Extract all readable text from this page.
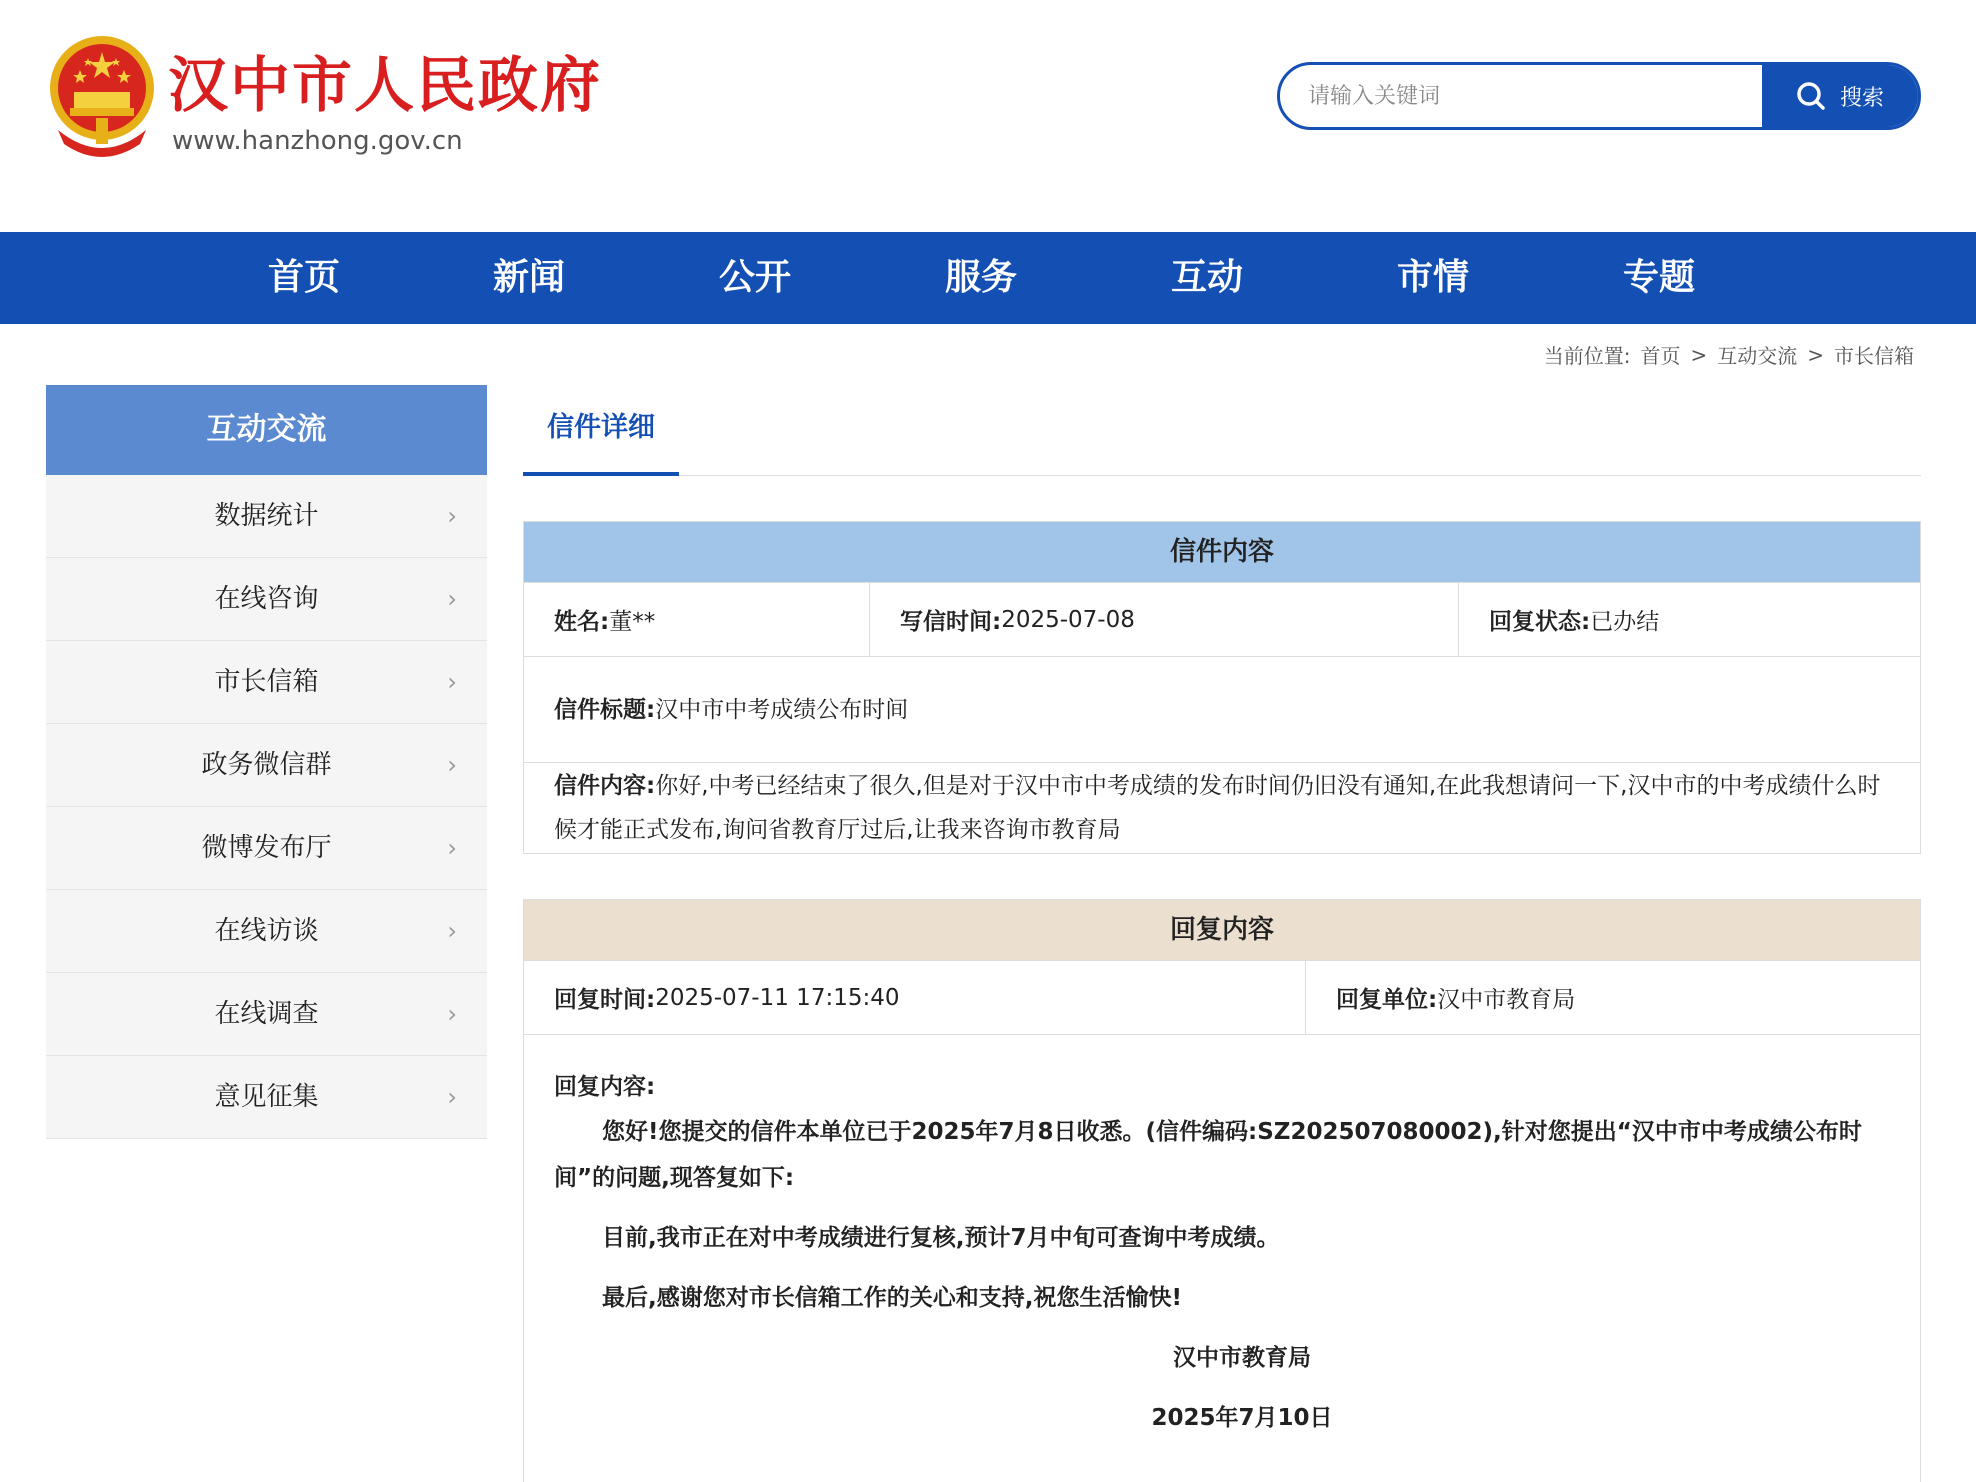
汉中市人民政府
www.hanzhong.gov.cn
请输入关键词
搜索
首页	新闻	公开	服务	互动	市情	专题
当前位置: 首页 > 互动交流 > 市长信箱
互动交流
数据统计	›
在线咨询	›
市长信箱	›
政务微信群	›
微博发布厅	›
在线访谈	›
在线调查	›
意见征集	›
信件详细
信件内容
姓名: 董**	写信时间: 2025-07-08	回复状态: 已办结
信件标题: 汉中市中考成绩公布时间
信件内容:你好,中考已经结束了很久,但是对于汉中市中考成绩的发布时间仍旧没有通知,在此我想请问一下,汉中市的中考成绩什么时候才能正式发布,询问省教育厅过后,让我来咨询市教育局
回复内容
回复时间: 2025-07-11 17:15:40	回复单位: 汉中市教育局
回复内容:

您好!您提交的信件本单位已于2025年7月8日收悉。(信件编码:SZ202507080002),针对您提出“汉中市中考成绩公布时间”的问题,现答复如下:

目前,我市正在对中考成绩进行复核,预计7月中旬可查询中考成绩。

最后,感谢您对市长信箱工作的关心和支持,祝您生活愉快!

汉中市教育局

2025年7月10日
